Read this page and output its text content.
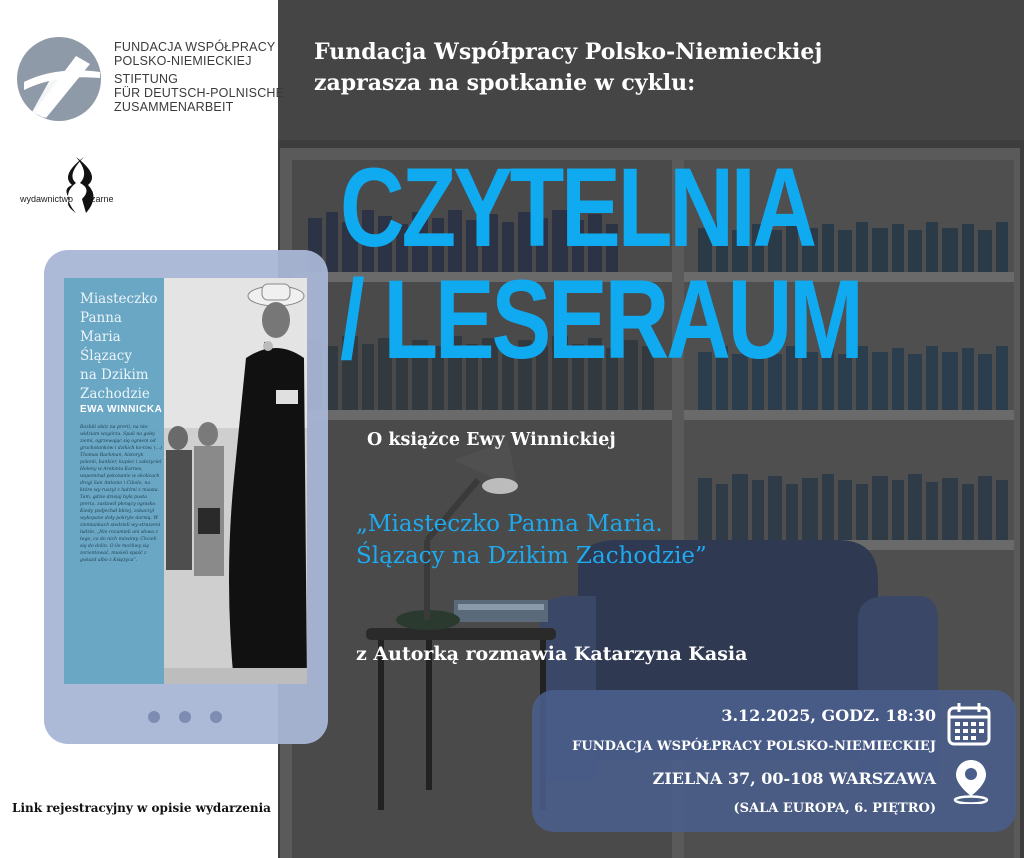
FUNDACJA WSPÓŁPRACY
POLSKO-NIEMIECKIEJ
STIFTUNG
FÜR DEUTSCH-POLNISCHE
ZUSAMMENARBEIT
wydawnictwo zarne
Miasteczko
Panna
Maria
Ślązacy
na Dzikim
Zachodzie
EWA WINNICKA
Rozbili obóz na prerii, na nie-widziam wzgórza. Spali na gołej ziemi, ogrzewając się ogniem od gruchotanków i dzikich ko-tów. (...) Thomas Rackman, historyk polonii, bankier, kupiec i założyciel Heleny w Arekiniu Karnes, wspominał pokonanie w okolicach drogi San Antonio i Cibolo, na które wy-ruszył z ludźmi z miasta. Tam, gdzie dzisiaj była pusta preria, zastawił płonący ognisko. Kiedy podjechał bliżej, zobaczył wykopane doły pokryte darnią. W ziemiankach siedzieli wy-straszeni ludzie. „Nie rozumieli ani słowa z tego, co do nich mówimy. Chcieli się do dolin. O ile możliwy się zorientować, musieli spaść z gwiazd albo z Księżyca”.
Link rejestracyjny w opisie wydarzenia
Fundacja Współpracy Polsko-Niemieckiej
zaprasza na spotkanie w cyklu:
CZYTELNIA
/ LESERAUM
O książce Ewy Winnickiej
„Miasteczko Panna Maria.
Ślązacy na Dzikim Zachodzie”
z Autorką rozmawia Katarzyna Kasia
3.12.2025, GODZ. 18:30
FUNDACJA WSPÓŁPRACY POLSKO-NIEMIECKIEJ
ZIELNA 37, 00-108 WARSZAWA
(SALA EUROPA, 6. PIĘTRO)
